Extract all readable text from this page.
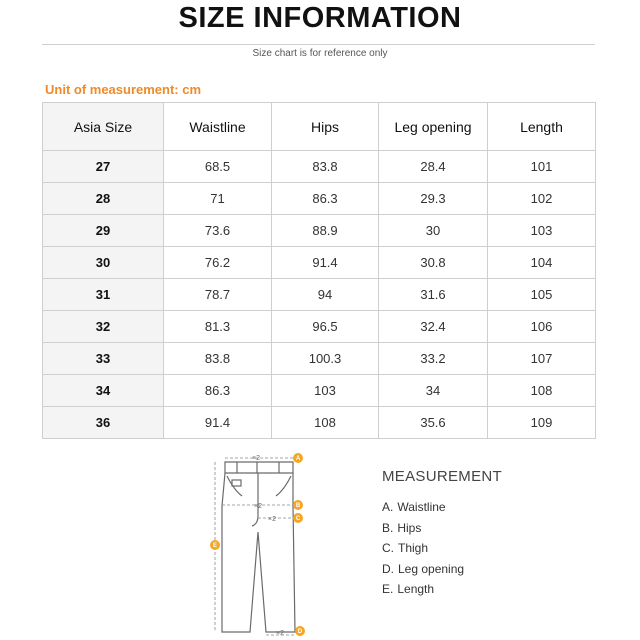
SIZE INFORMATION
Size chart is for reference only
Unit of measurement: cm
Asia Size	Waistline	Hips	Leg opening	Length
27	68.5	83.8	28.4	101
28	71	86.3	29.3	102
29	73.6	88.9	30	103
30	76.2	91.4	30.8	104
31	78.7	94	31.6	105
32	81.3	96.5	32.4	106
33	83.8	100.3	33.2	107
34	86.3	103	34	108
36	91.4	108	35.6	109
×2
×2
×2
×2
A
B
C
D
E
MEASUREMENT
A. Waistline
B. Hips
C. Thigh
D. Leg opening
E. Length
